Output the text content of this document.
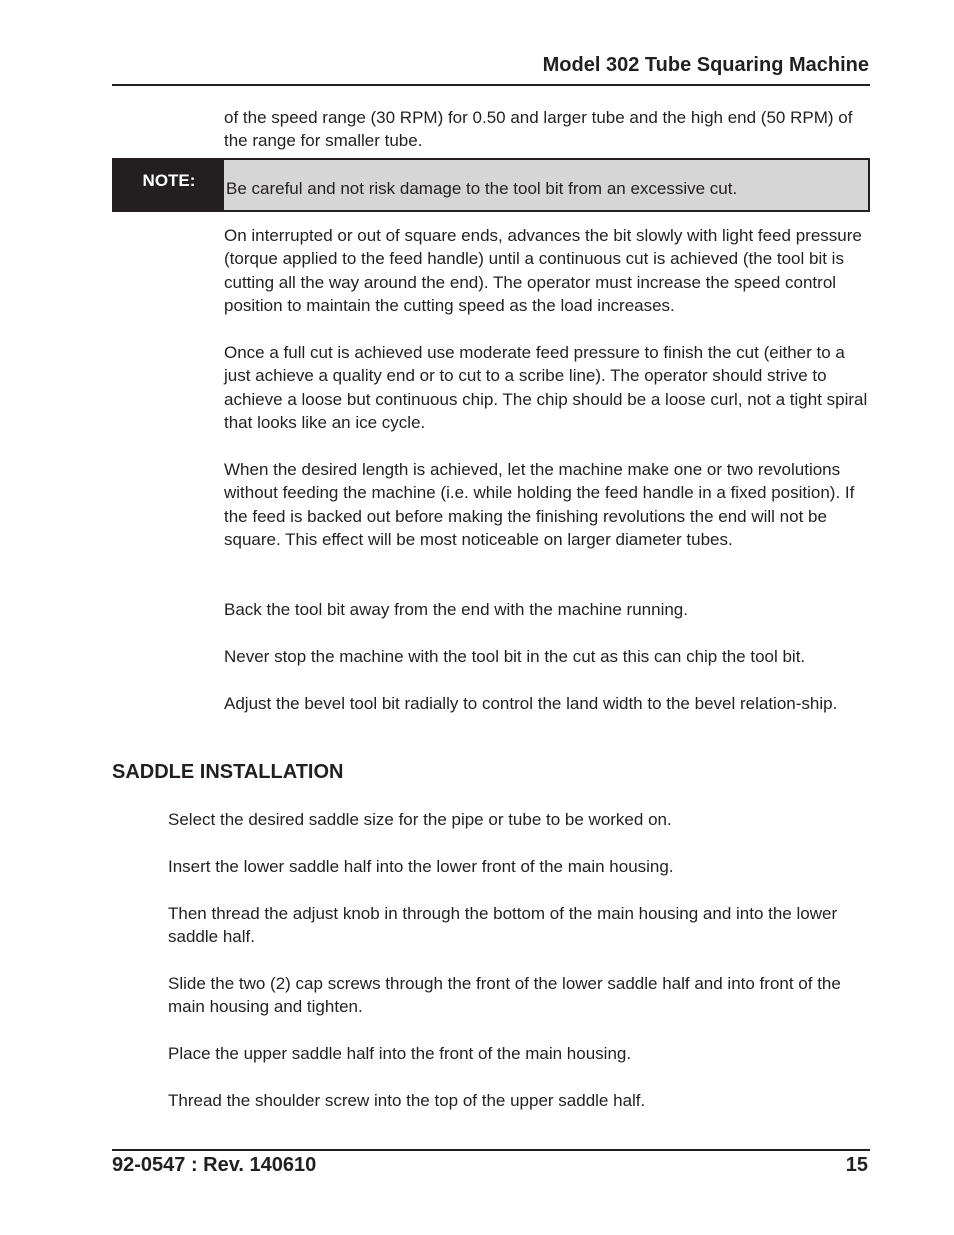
Model 302 Tube Squaring Machine

of the speed range (30 RPM) for 0.50 and larger tube and the high end (50 RPM) of the range for smaller tube.

NOTE:	Be careful and not risk damage to the tool bit from an excessive cut.

On interrupted or out of square ends, advances the bit slowly with light feed pressure (torque applied to the feed handle) until a continuous cut is achieved (the tool bit is cutting all the way around the end). The operator must increase the speed control position to maintain the cutting speed as the load increases.

Once a full cut is achieved use moderate feed pressure to finish the cut (either to a just achieve a quality end or to cut to a scribe line). The operator should strive to achieve a loose but continuous chip. The chip should be a loose curl, not a tight spiral that looks like an ice cycle.

When the desired length is achieved, let the machine make one or two revolutions without feeding the machine (i.e. while holding the feed handle in a fixed position). If the feed is backed out before making the finishing revolutions the end will not be square. This effect will be most noticeable on larger diameter tubes.

Back the tool bit away from the end with the machine running.

Never stop the machine with the tool bit in the cut as this can chip the tool bit.

Adjust the bevel tool bit radially to control the land width to the bevel relation-ship.

SADDLE INSTALLATION

Select the desired saddle size for the pipe or tube to be worked on.

Insert the lower saddle half into the lower front of the main housing.

Then thread the adjust knob in through the bottom of the main housing and into the lower saddle half.

Slide the two (2) cap screws through the front of the lower saddle half and into front of the main housing and tighten.

Place the upper saddle half into the front of the main housing.

Thread the shoulder screw into the top of the upper saddle half.

92-0547 : Rev. 140610	15
